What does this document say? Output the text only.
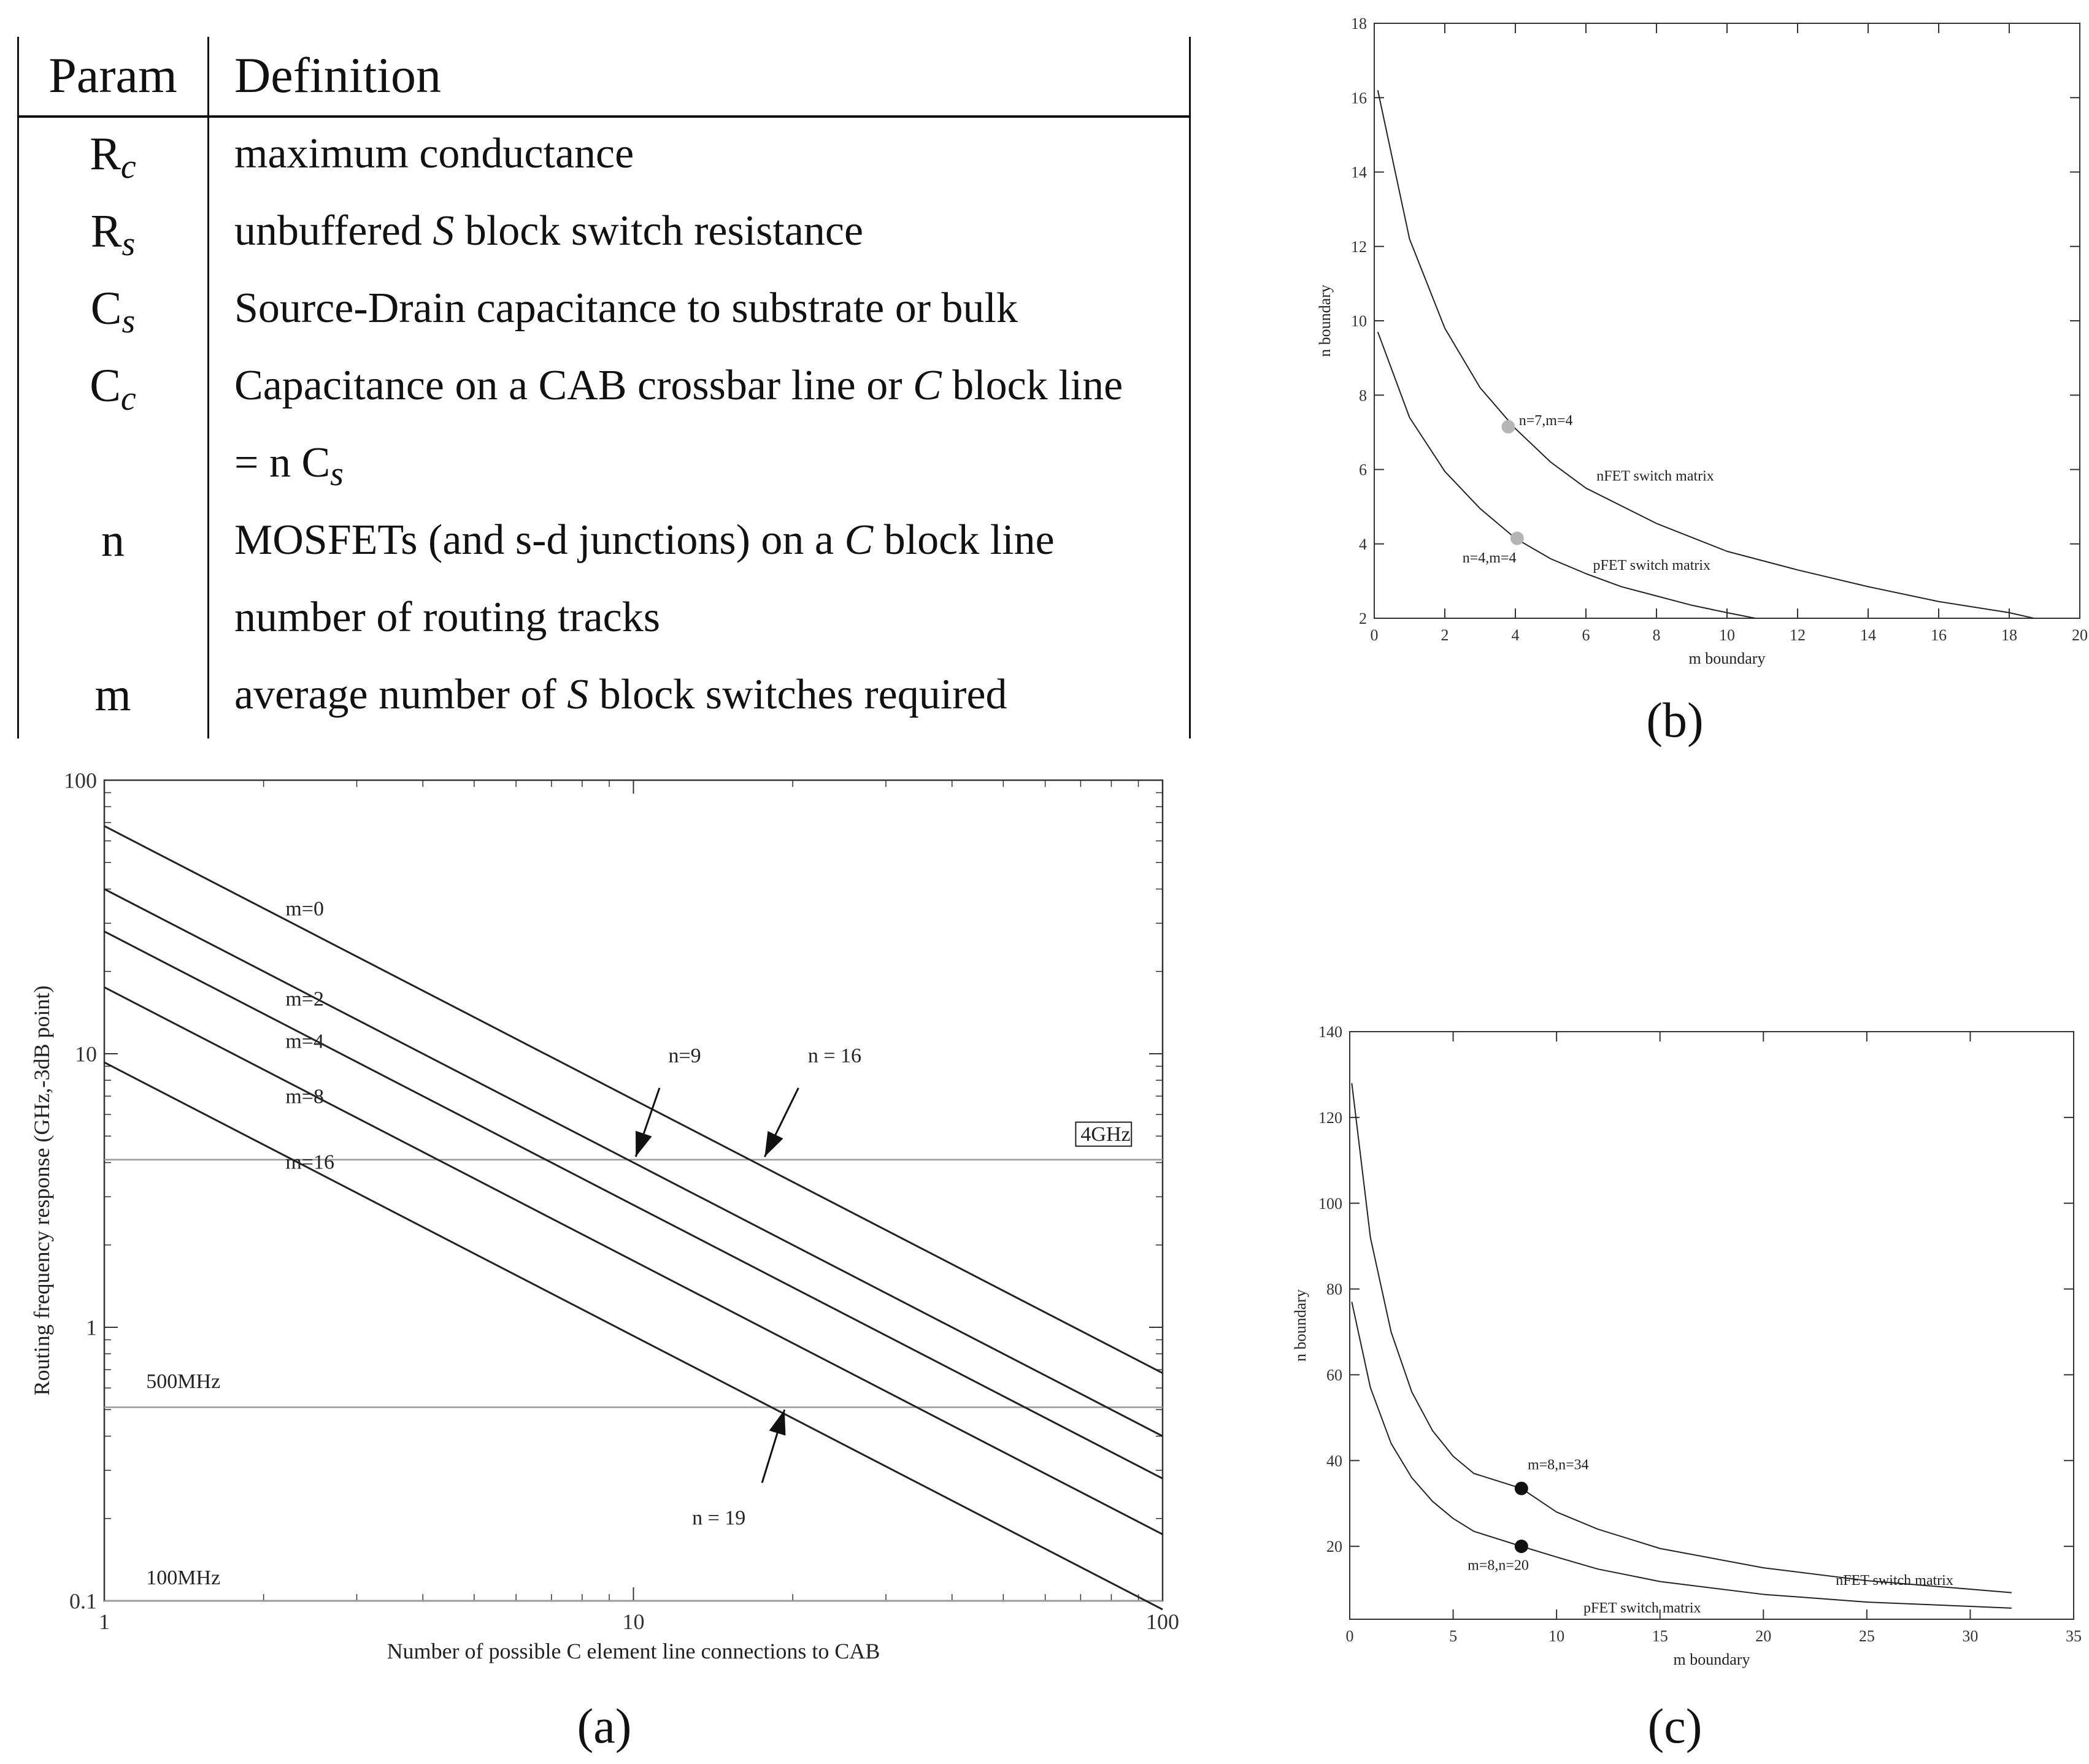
Param	Definition
$R_c$	maximum conductance
$R_s$	unbuffered S block switch resistance
$C_s$	Source-Drain capacitance to substrate or bulk
$C_c$	Capacitance on a CAB crossbar line or C block line
= n $C_s$
n	MOSFETs (and s-d junctions) on a C block line
number of routing tracks
m	average number of S block switches required
0	2	4	6	8	10	12	14	16	18	20
2
4
6
8
10
12
14
16
18
m boundary
n boundary
nFET switch matrix
pFET switch matrix
n=7,m=4
n=4,m=4
(b)
1	10	100
0.1
1
10
100
Number of possible C element line connections to CAB
Routing frequency response (GHz,-3dB point)	4GHz
500MHz
100MHz
m=0
m=2
m=4
m=8
m=16
n=9	n = 16
n = 19
(a)
0	5	10	15	20	25	30	35
20
40
60
80
100
120
140
m boundary
n boundary
nFET switch matrix
pFET switch matrix
m=8,n=34
m=8,n=20
(c)
